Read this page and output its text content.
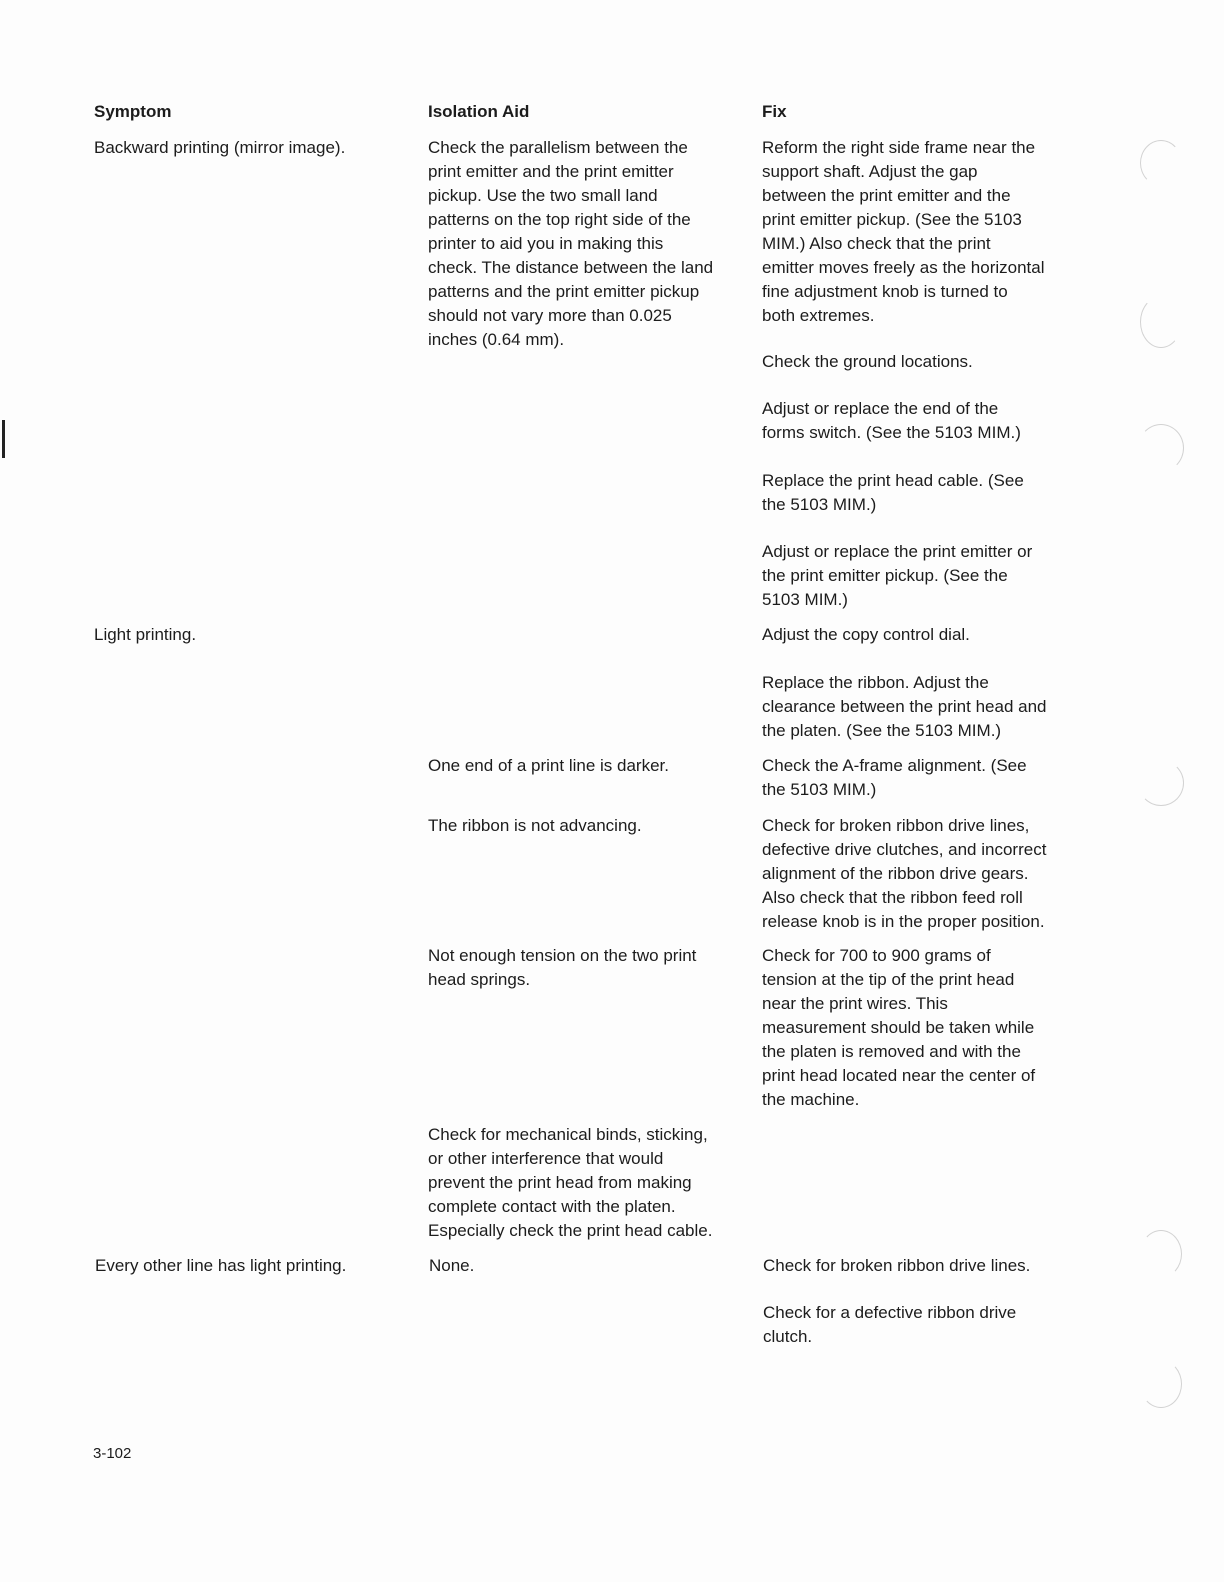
Symptom	Isolation Aid	Fix
Backward printing (mirror image).
Light printing.
Every other line has light printing.
Check the parallelism between the
print emitter and the print emitter
pickup. Use the two small land
patterns on the top right side of the
printer to aid you in making this
check. The distance between the land
patterns and the print emitter pickup
should not vary more than 0.025
inches (0.64 mm).
One end of a print line is darker.
The ribbon is not advancing.
Not enough tension on the two print
head springs.
Check for mechanical binds, sticking,
or other interference that would
prevent the print head from making
complete contact with the platen.
Especially check the print head cable.
None.
Reform the right side frame near the
support shaft. Adjust the gap
between the print emitter and the
print emitter pickup. (See the 5103
MIM.) Also check that the print
emitter moves freely as the horizontal
fine adjustment knob is turned to
both extremes.
Check the ground locations.
Adjust or replace the end of the
forms switch. (See the 5103 MIM.)
Replace the print head cable. (See
the 5103 MIM.)
Adjust or replace the print emitter or
the print emitter pickup. (See the
5103 MIM.)
Adjust the copy control dial.
Replace the ribbon. Adjust the
clearance between the print head and
the platen. (See the 5103 MIM.)
Check the A-frame alignment. (See
the 5103 MIM.)
Check for broken ribbon drive lines,
defective drive clutches, and incorrect
alignment of the ribbon drive gears.
Also check that the ribbon feed roll
release knob is in the proper position.
Check for 700 to 900 grams of
tension at the tip of the print head
near the print wires. This
measurement should be taken while
the platen is removed and with the
print head located near the center of
the machine.
Check for broken ribbon drive lines.
Check for a defective ribbon drive
clutch.
3-102
